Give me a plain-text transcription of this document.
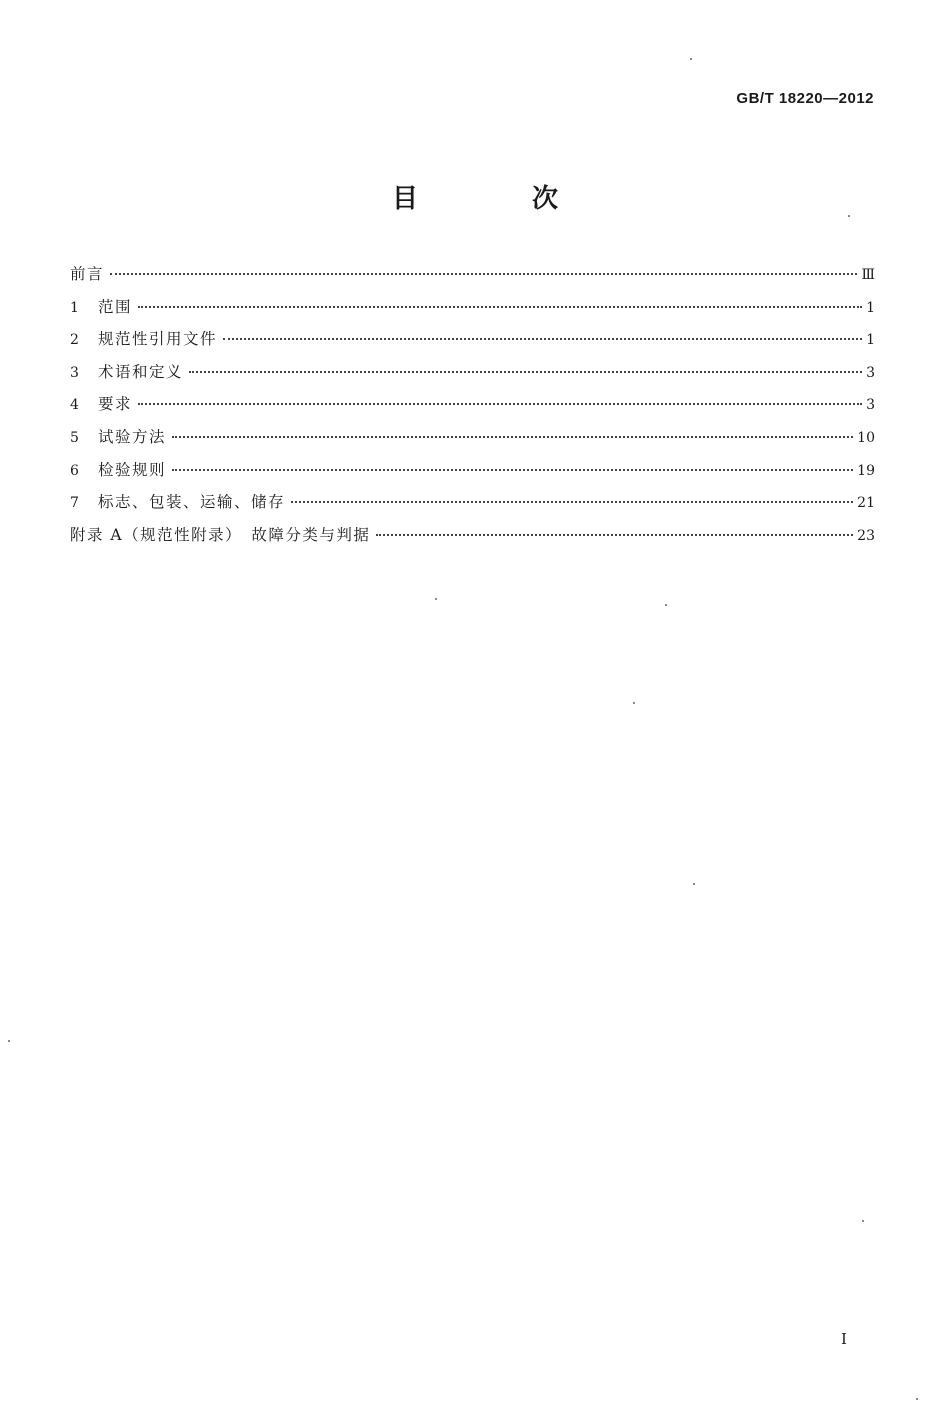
GB/T 18220—2012
目　次
前言	Ⅲ
1	范围	1
2	规范性引用文件	1
3	术语和定义	3
4	要求	3
5	试验方法	10
6	检验规则	19
7	标志、包装、运输、储存	21
附录 A（规范性附录）　故障分类与判据	23
Ⅰ
